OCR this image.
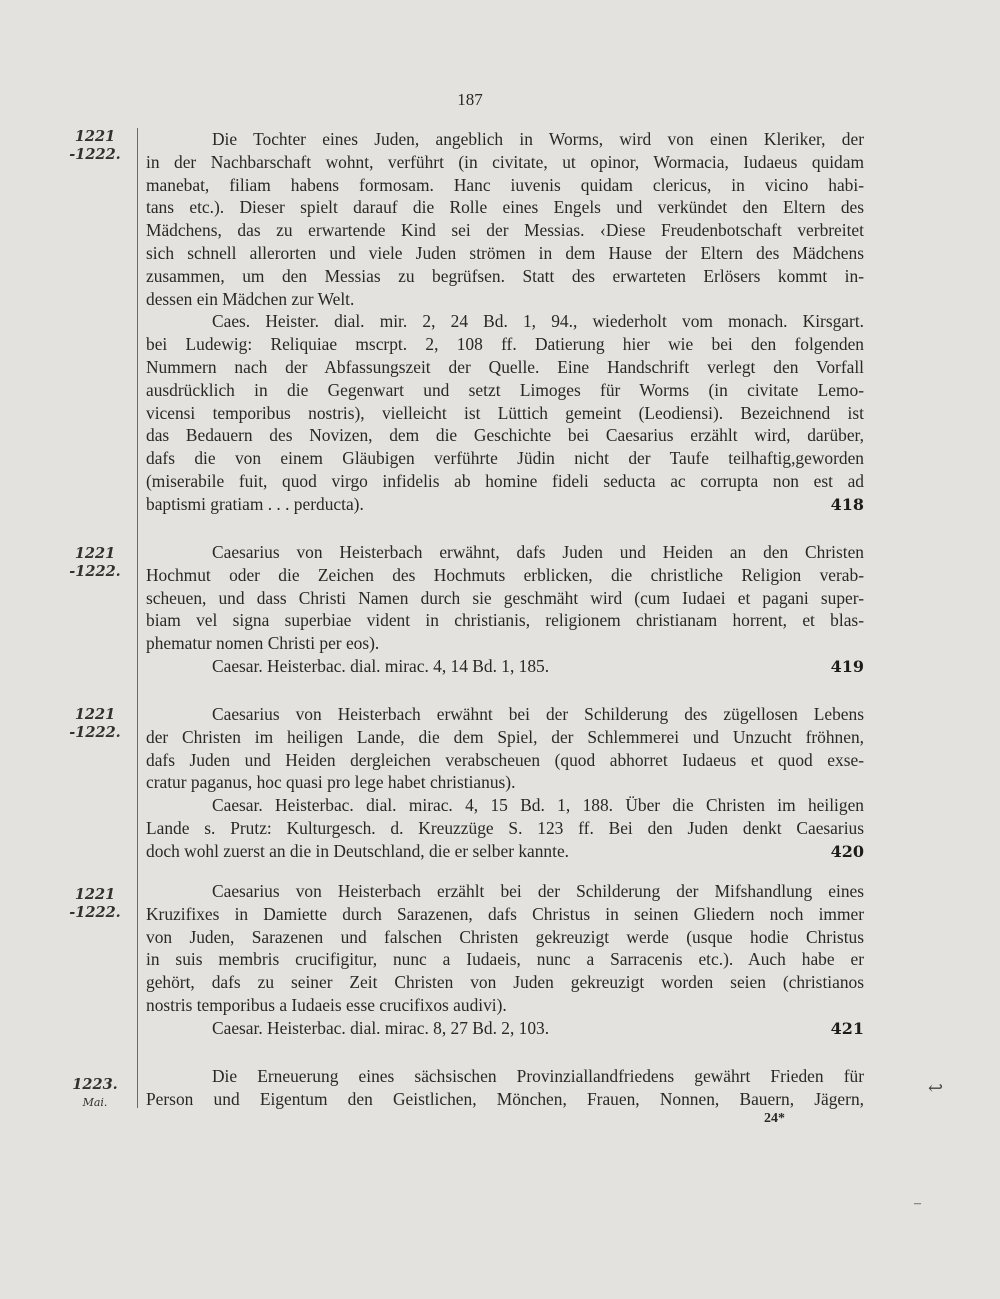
187
1221
-1222.

Die Tochter eines Juden, angeblich in Worms, wird von einen Kleriker, der

in der Nachbarschaft wohnt, verführt (in civitate, ut opinor, Wormacia, Iudaeus quidam

manebat, filiam habens formosam. Hanc iuvenis quidam clericus, in vicino habi-

tans etc.). Dieser spielt darauf die Rolle eines Engels und verkündet den Eltern des

Mädchens, das zu erwartende Kind sei der Messias. ‹Diese Freudenbotschaft verbreitet

sich schnell allerorten und viele Juden strömen in dem Hause der Eltern des Mädchens

zusammen, um den Messias zu begrüfsen. Statt des erwarteten Erlösers kommt in-

dessen ein Mädchen zur Welt.

Caes. Heister. dial. mir. 2, 24 Bd. 1, 94., wiederholt vom monach. Kirsgart.

bei Ludewig: Reliquiae mscrpt. 2, 108 ff. Datierung hier wie bei den folgenden

Nummern nach der Abfassungszeit der Quelle. Eine Handschrift verlegt den Vorfall

ausdrücklich in die Gegenwart und setzt Limoges für Worms (in civitate Lemo-

vicensi temporibus nostris), vielleicht ist Lüttich gemeint (Leodiensi). Bezeichnend ist

das Bedauern des Novizen, dem die Geschichte bei Caesarius erzählt wird, darüber,

dafs die von einem Gläubigen verführte Jüdin nicht der Taufe teilhaftig,geworden

(miserabile fuit, quod virgo infidelis ab homine fideli seducta ac corrupta non est ad

baptismi gratiam . . . perducta).	418
1221
-1222.

Caesarius von Heisterbach erwähnt, dafs Juden und Heiden an den Christen

Hochmut oder die Zeichen des Hochmuts erblicken, die christliche Religion verab-

scheuen, und dass Christi Namen durch sie geschmäht wird (cum Iudaei et pagani super-

biam vel signa superbiae vident in christianis, religionem christianam horrent, et blas-

phematur nomen Christi per eos).

Caesar. Heisterbac. dial. mirac. 4, 14 Bd. 1, 185.	419
1221
-1222.

Caesarius von Heisterbach erwähnt bei der Schilderung des zügellosen Lebens

der Christen im heiligen Lande, die dem Spiel, der Schlemmerei und Unzucht fröhnen,

dafs Juden und Heiden dergleichen verabscheuen (quod abhorret Iudaeus et quod exse-

cratur paganus, hoc quasi pro lege habet christianus).

Caesar. Heisterbac. dial. mirac. 4, 15 Bd. 1, 188. Über die Christen im heiligen

Lande s. Prutz: Kulturgesch. d. Kreuzzüge S. 123 ff. Bei den Juden denkt Caesarius

doch wohl zuerst an die in Deutschland, die er selber kannte.	420
1221
-1222.

Caesarius von Heisterbach erzählt bei der Schilderung der Mifshandlung eines

Kruzifixes in Damiette durch Sarazenen, dafs Christus in seinen Gliedern noch immer

von Juden, Sarazenen und falschen Christen gekreuzigt werde (usque hodie Christus

in suis membris crucifigitur, nunc a Iudaeis, nunc a Sarracenis etc.). Auch habe er

gehört, dafs zu seiner Zeit Christen von Juden gekreuzigt worden seien (christianos

nostris temporibus a Iudaeis esse crucifixos audivi).

Caesar. Heisterbac. dial. mirac. 8, 27 Bd. 2, 103.	421
1223.
Mai.

Die Erneuerung eines sächsischen Provinziallandfriedens gewährt Frieden für

Person und Eigentum den Geistlichen, Mönchen, Frauen, Nonnen, Bauern, Jägern,

24*
↩
–
